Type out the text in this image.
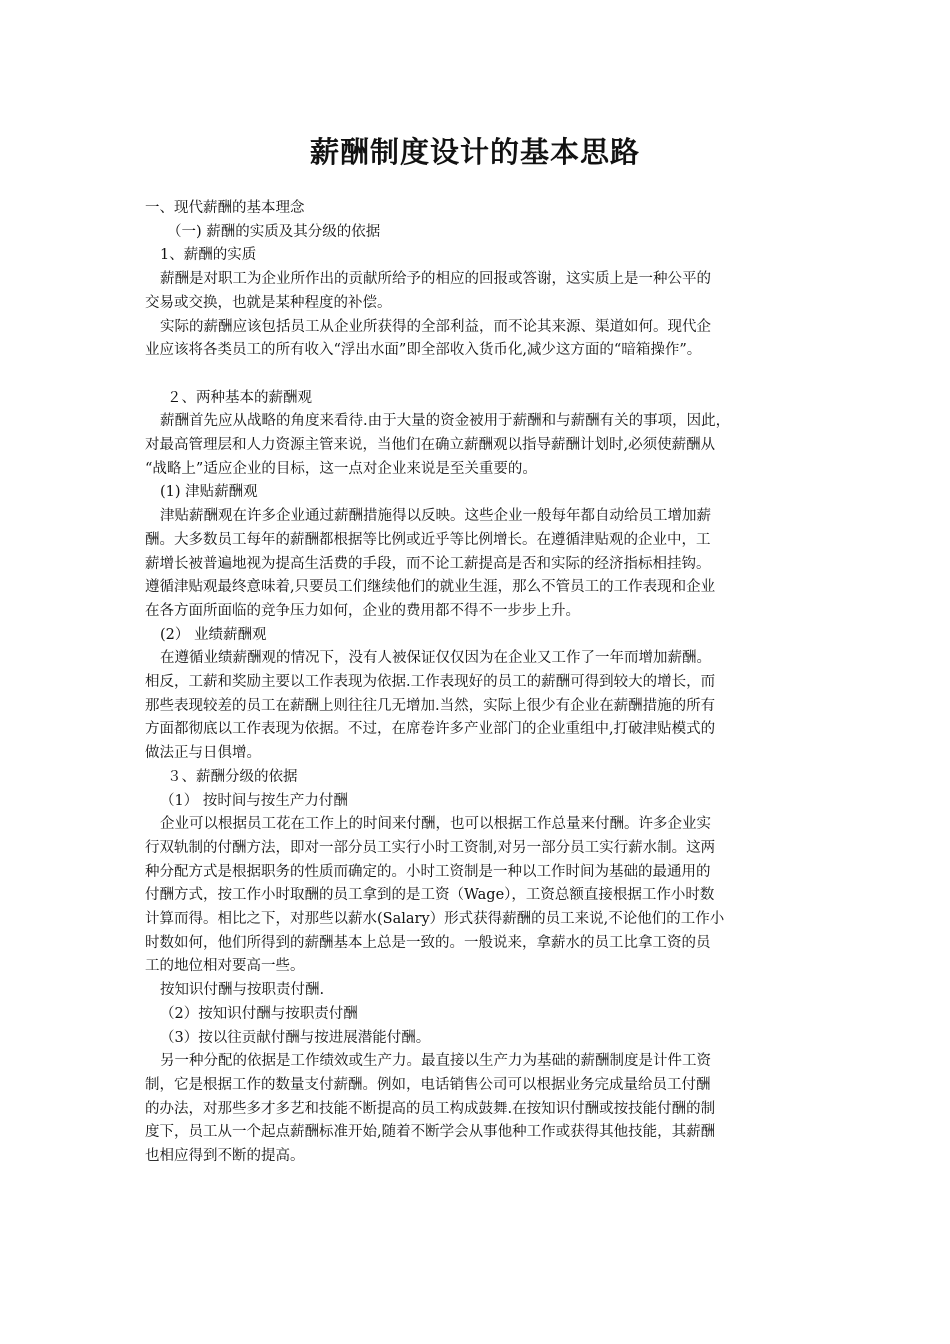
薪酬制度设计的基本思路

一、现代薪酬的基本理念

（一) 薪酬的实质及其分级的依据

1、薪酬的实质

薪酬是对职工为企业所作出的贡献所给予的相应的回报或答谢，这实质上是一种公平的

交易或交换，也就是某种程度的补偿。

实际的薪酬应该包括员工从企业所获得的全部利益，而不论其来源、渠道如何。现代企

业应该将各类员工的所有收入“浮出水面”即全部收入货币化,减少这方面的“暗箱操作”。

２、两种基本的薪酬观

薪酬首先应从战略的角度来看待.由于大量的资金被用于薪酬和与薪酬有关的事项，因此，

对最高管理层和人力资源主管来说，当他们在确立薪酬观以指导薪酬计划时,必须使薪酬从

“战略上”适应企业的目标，这一点对企业来说是至关重要的。

(1) 津贴薪酬观

津贴薪酬观在许多企业通过薪酬措施得以反映。这些企业一般每年都自动给员工增加薪

酬。大多数员工每年的薪酬都根据等比例或近乎等比例增长。在遵循津贴观的企业中，工

薪增长被普遍地视为提高生活费的手段，而不论工薪提高是否和实际的经济指标相挂钩。

遵循津贴观最终意味着,只要员工们继续他们的就业生涯，那么不管员工的工作表现和企业

在各方面所面临的竞争压力如何，企业的费用都不得不一步步上升。

(2） 业绩薪酬观

在遵循业绩薪酬观的情况下，没有人被保证仅仅因为在企业又工作了一年而增加薪酬。

相反，工薪和奖励主要以工作表现为依据.工作表现好的员工的薪酬可得到较大的增长，而

那些表现较差的员工在薪酬上则往往几无增加.当然，实际上很少有企业在薪酬措施的所有

方面都彻底以工作表现为依据。不过，在席卷许多产业部门的企业重组中,打破津贴模式的

做法正与日俱增。

３、薪酬分级的依据

（1） 按时间与按生产力付酬

企业可以根据员工花在工作上的时间来付酬，也可以根据工作总量来付酬。许多企业实

行双轨制的付酬方法，即对一部分员工实行小时工资制,对另一部分员工实行薪水制。这两

种分配方式是根据职务的性质而确定的。小时工资制是一种以工作时间为基础的最通用的

付酬方式，按工作小时取酬的员工拿到的是工资（Wage），工资总额直接根据工作小时数

计算而得。相比之下，对那些以薪水(Salary）形式获得薪酬的员工来说,不论他们的工作小

时数如何，他们所得到的薪酬基本上总是一致的。一般说来，拿薪水的员工比拿工资的员

工的地位相对要高一些。

按知识付酬与按职责付酬.

（2）按知识付酬与按职责付酬

（3）按以往贡献付酬与按进展潜能付酬。

另一种分配的依据是工作绩效或生产力。最直接以生产力为基础的薪酬制度是计件工资

制，它是根据工作的数量支付薪酬。例如，电话销售公司可以根据业务完成量给员工付酬

的办法，对那些多才多艺和技能不断提高的员工构成鼓舞.在按知识付酬或按技能付酬的制

度下，员工从一个起点薪酬标准开始,随着不断学会从事他种工作或获得其他技能，其薪酬

也相应得到不断的提高。
